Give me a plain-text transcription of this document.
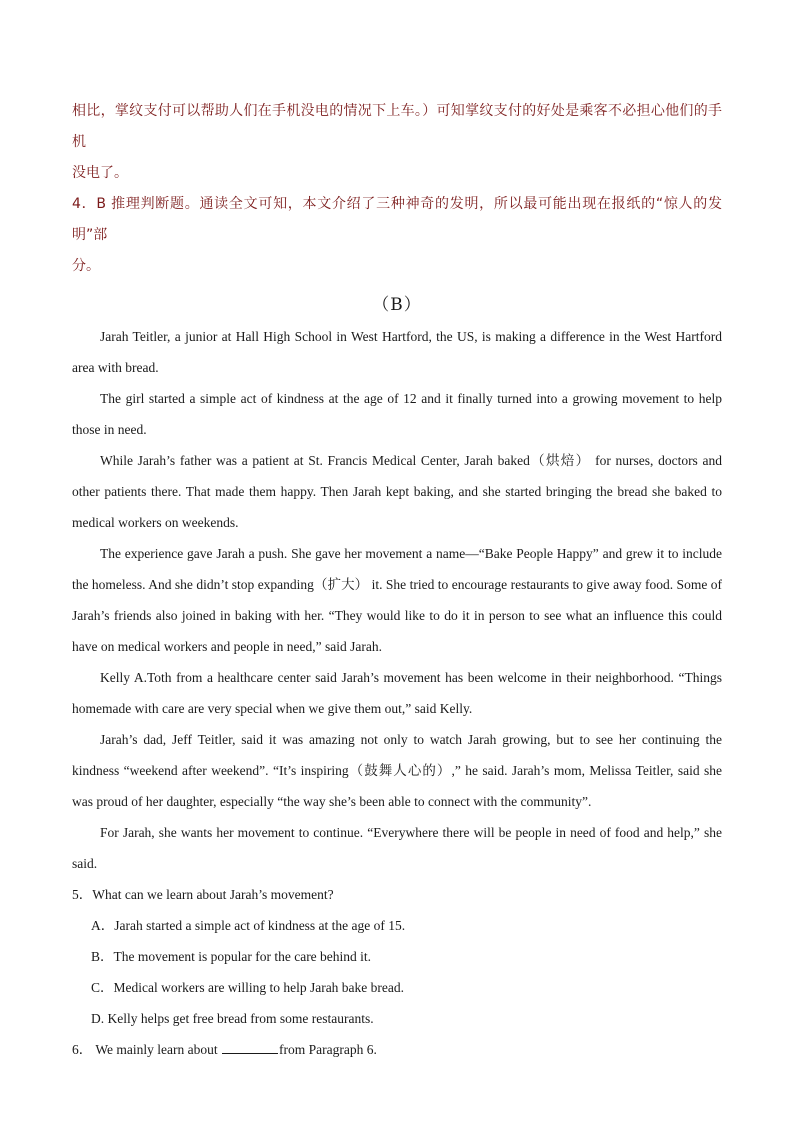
相比，掌纹支付可以帮助人们在手机没电的情况下上车。）可知掌纹支付的好处是乘客不必担心他们的手机
没电了。

4．B 推理判断题。通读全文可知，本文介绍了三种神奇的发明，所以最可能出现在报纸的“惊人的发明”部
分。

（B）

Jarah Teitler, a junior at Hall High School in West Hartford, the US, is making a difference in the West Hartford area with bread.

The girl started a simple act of kindness at the age of 12 and it finally turned into a growing movement to help those in need.

While Jarah’s father was a patient at St. Francis Medical Center, Jarah baked（烘焙） for nurses, doctors and other patients there. That made them happy. Then Jarah kept baking, and she started bringing the bread she baked to medical workers on weekends.

The experience gave Jarah a push. She gave her movement a name—“Bake People Happy” and grew it to include the homeless. And she didn’t stop expanding（扩大） it. She tried to encourage restaurants to give away food. Some of Jarah’s friends also joined in baking with her. “They would like to do it in person to see what an influence this could have on medical workers and people in need,” said Jarah.

Kelly A.Toth from a healthcare center said Jarah’s movement has been welcome in their neighborhood. “Things homemade with care are very special when we give them out,” said Kelly.

Jarah’s dad, Jeff Teitler, said it was amazing not only to watch Jarah growing, but to see her continuing the kindness “weekend after weekend”. “It’s inspiring（鼓舞人心的）,” he said. Jarah’s mom, Melissa Teitler, said she was proud of her daughter, especially “the way she’s been able to connect with the community”.

For Jarah, she wants her movement to continue. “Everywhere there will be people in need of food and help,” she said.

5．What can we learn about Jarah’s movement?

A．Jarah started a simple act of kindness at the age of 15.

B．The movement is popular for the care behind it.

C．Medical workers are willing to help Jarah bake bread.

D. Kelly helps get free bread from some restaurants.

6． We mainly learn about	from Paragraph 6.
